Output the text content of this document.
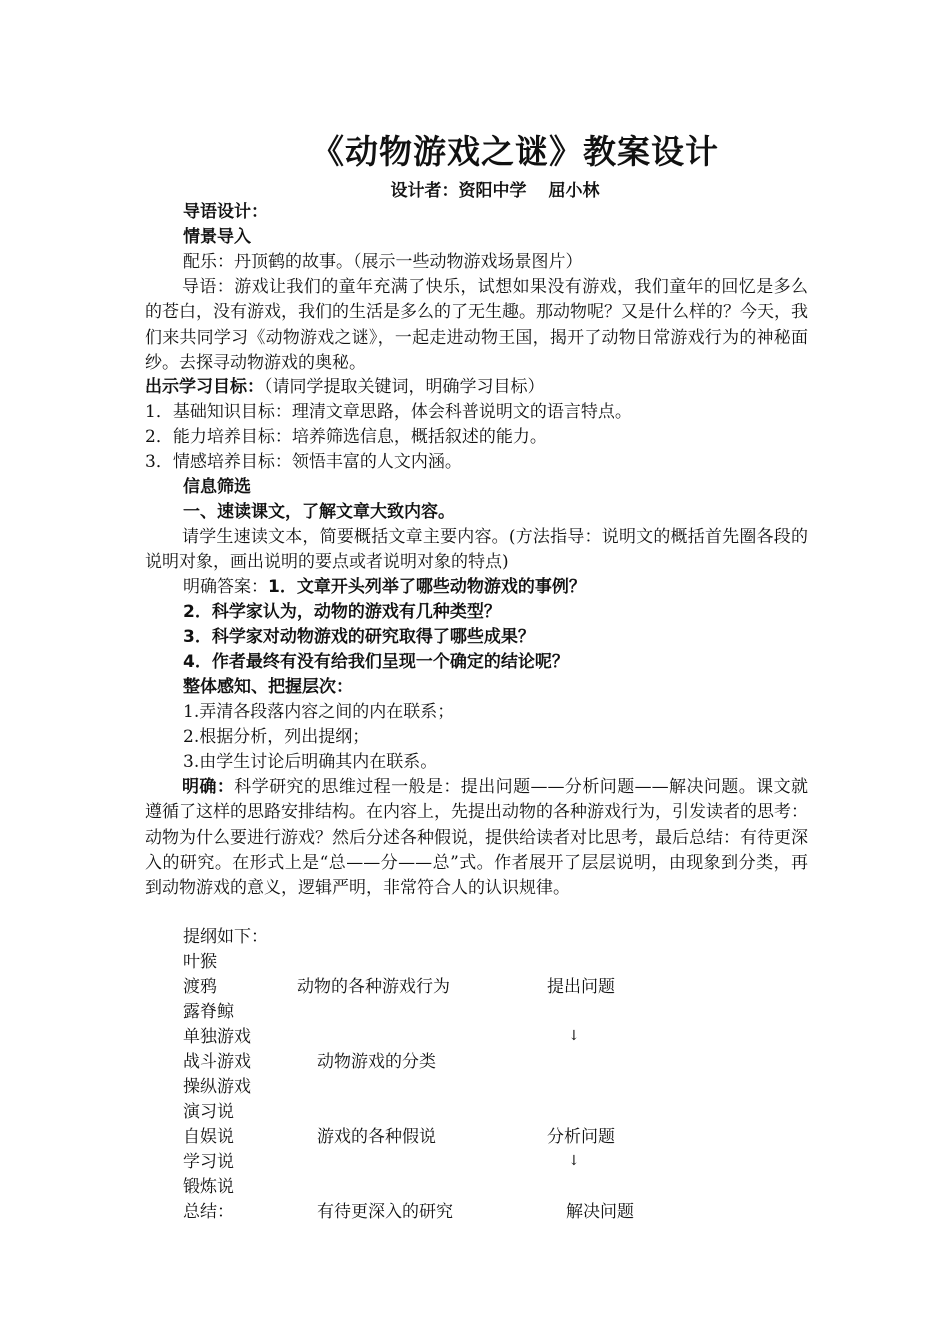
《动物游戏之谜》教案设计
设计者：资阳中学 屈小林
导语设计：
情景导入
配乐：丹顶鹤的故事。（展示一些动物游戏场景图片）
导语：游戏让我们的童年充满了快乐，试想如果没有游戏，我们童年的回忆是多么的苍白，没有游戏，我们的生活是多么的了无生趣。那动物呢？又是什么样的？今天，我们来共同学习《动物游戏之谜》，一起走进动物王国，揭开了动物日常游戏行为的神秘面纱。去探寻动物游戏的奥秘。
出示学习目标：（请同学提取关键词，明确学习目标）
1．基础知识目标：理清文章思路，体会科普说明文的语言特点。
2．能力培养目标：培养筛选信息，概括叙述的能力。
3．情感培养目标：领悟丰富的人文内涵。
信息筛选
一、速读课文，了解文章大致内容。
请学生速读文本，简要概括文章主要内容。(方法指导：说明文的概括首先圈各段的说明对象，画出说明的要点或者说明对象的特点)
明确答案：1．文章开头列举了哪些动物游戏的事例？
2．科学家认为，动物的游戏有几种类型？
3．科学家对动物游戏的研究取得了哪些成果？
4．作者最终有没有给我们呈现一个确定的结论呢？
整体感知、把握层次：
1.弄清各段落内容之间的内在联系；
2.根据分析，列出提纲；
3.由学生讨论后明确其内在联系。
明确：科学研究的思维过程一般是：提出问题——分析问题——解决问题。课文就遵循了这样的思路安排结构。在内容上，先提出动物的各种游戏行为，引发读者的思考：动物为什么要进行游戏？然后分述各种假说，提供给读者对比思考，最后总结：有待更深入的研究。在形式上是“总——分——总”式。作者展开了层层说明，由现象到分类，再到动物游戏的意义，逻辑严明，非常符合人的认识规律。
提纲如下：
叶猴
渡鸦
露脊鲸
单独游戏
战斗游戏
操纵游戏
演习说
自娱说
学习说
锻炼说
总结：
动物的各种游戏行为
动物游戏的分类
游戏的各种假说
有待更深入的研究
提出问题
↓
分析问题
↓
解决问题
